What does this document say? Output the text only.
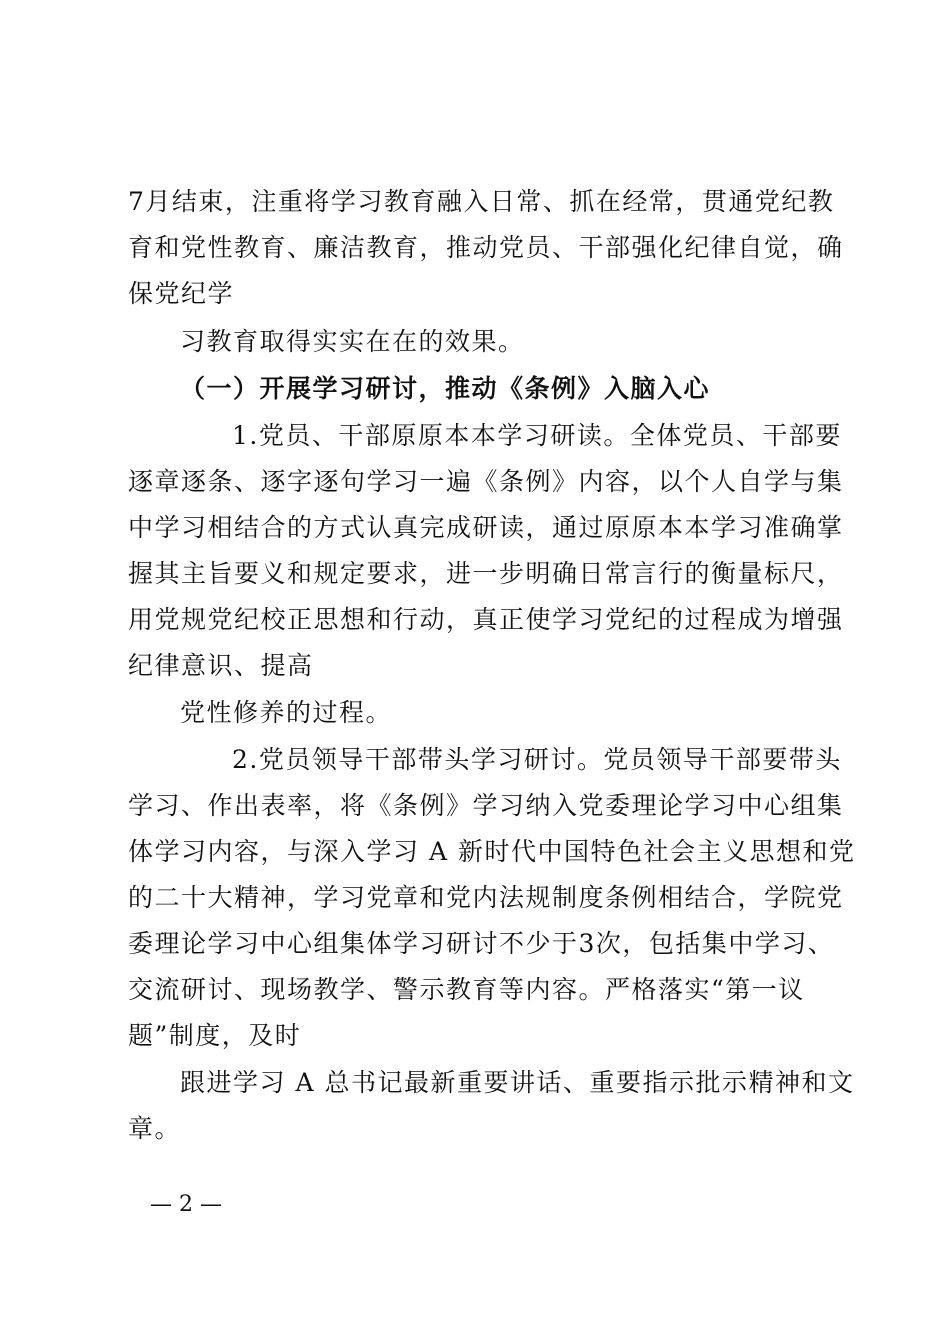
7月结束，注重将学习教育融入日常、抓在经常，贯通党纪教
育和党性教育、廉洁教育，推动党员、干部强化纪律自觉，确
保党纪学
习教育取得实实在在的效果。
（一）开展学习研讨，推动《条例》入脑入心
1.党员、干部原原本本学习研读。全体党员、干部要
逐章逐条、逐字逐句学习一遍《条例》内容，以个人自学与集
中学习相结合的方式认真完成研读，通过原原本本学习准确掌
握其主旨要义和规定要求，进一步明确日常言行的衡量标尺，
用党规党纪校正思想和行动，真正使学习党纪的过程成为增强
纪律意识、提高
党性修养的过程。
2.党员领导干部带头学习研讨。党员领导干部要带头
学习、作出表率，将《条例》学习纳入党委理论学习中心组集
体学习内容，与深入学习 A 新时代中国特色社会主义思想和党
的二十大精神，学习党章和党内法规制度条例相结合，学院党
委理论学习中心组集体学习研讨不少于3次，包括集中学习、
交流研讨、现场教学、警示教育等内容。严格落实“第一议
题”制度，及时
跟进学习 A 总书记最新重要讲话、重要指示批示精神和文
章。
— 2 —
